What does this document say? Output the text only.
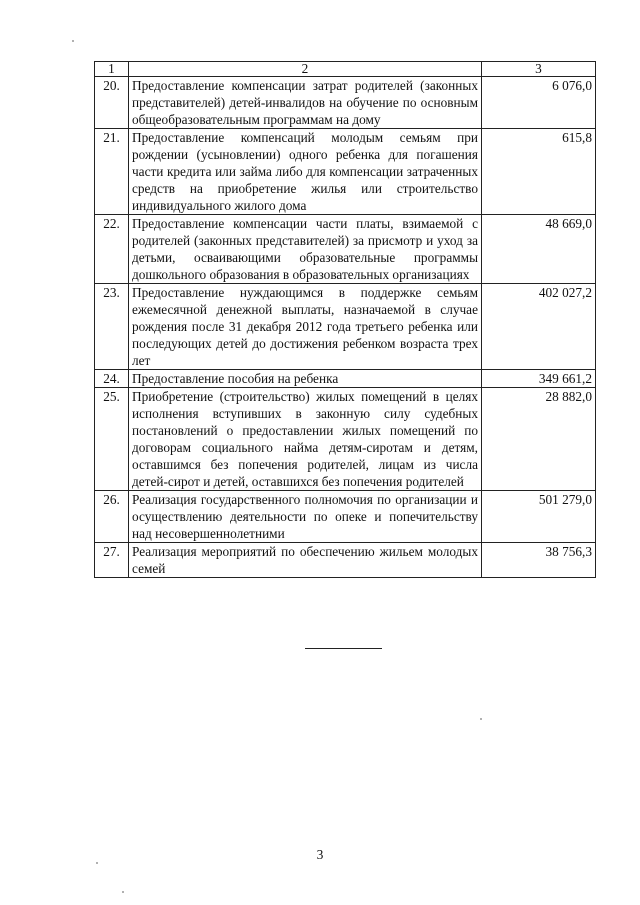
1	2	3
20.	Предоставление компенсации затрат родителей (законных представителей) детей-инвалидов на обучение по основным общеобразовательным программам на дому	6 076,0
21.	Предоставление компенсаций молодым семьям при рождении (усыновлении) одного ребенка для погашения части кредита или займа либо для компенсации затраченных средств на приобретение жилья или строительство индивидуального жилого дома	615,8
22.	Предоставление компенсации части платы, взимаемой с родителей (законных представителей) за присмотр и уход за детьми, осваивающими образовательные программы дошкольного образования в образовательных организациях	48 669,0
23.	Предоставление нуждающимся в поддержке семьям ежемесячной денежной выплаты, назначаемой в случае рождения после 31 декабря 2012 года третьего ребенка или последующих детей до достижения ребенком возраста трех лет	402 027,2
24.	Предоставление пособия на ребенка	349 661,2
25.	Приобретение (строительство) жилых помещений в целях исполнения вступивших в законную силу судебных постановлений о предоставлении жилых помещений по договорам социального найма детям-сиротам и детям, оставшимся без попечения родителей, лицам из числа детей-сирот и детей, оставшихся без попечения родителей	28 882,0
26.	Реализация государственного полномочия по организации и осуществлению деятельности по опеке и попечительству над несовершеннолетними	501 279,0
27.	Реализация мероприятий по обеспечению жильем молодых семей	38 756,3
3
